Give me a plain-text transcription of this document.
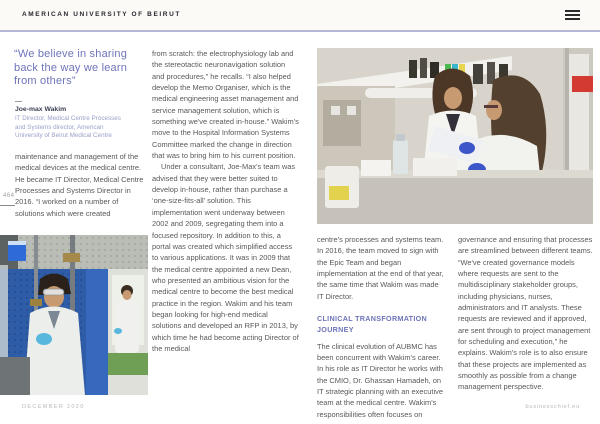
AMERICAN UNIVERSITY OF BEIRUT
464
“We believe in sharing back the way we learn from others”
Joe-max Wakim
IT Director, Medical Centre Processes
and Systems director, American
University of Beirut Medical Centre
maintenance and management of the medical devices at the medical centre. He became IT Director, Medical Centre Processes and Systems Director in 2016. “I worked on a number of solutions which were created
from scratch: the electrophysiology lab and the stereotactic neuronavigation solution and procedures,” he recalls. “I also helped develop the Memo Organiser, which is the medical engineering asset management and service management solution, which is something we've created in-house.” Wakim's move to the Hospital Information Systems Committee marked the change in direction that was to bring him to his current position.
Under a consultant, Joe-Max's team was advised that they were better suited to develop in-house, rather than purchase a ‘one-size-fits-all' solution. This implementation went underway between 2002 and 2009, segregating them into a focused repository. In addition to this, a portal was created which simplified access to various applications. It was in 2009 that the medical centre appointed a new Dean, who presented an ambitious vision for the medical centre to become the best medical practice in the region. Wakim and his team began looking for high-end medical solutions and developed an RFP in 2013, by which time he had become acting Director of the medical
centre's processes and systems team. In 2016, the team moved to sign with the Epic Team and began implementation at the end of that year, the same time that Wakim was made IT Director.
CLINICAL TRANSFORMATION JOURNEY
The clinical evolution of AUBMC has been concurrent with Wakim's career. In his role as IT Director he works with the CMIO, Dr. Ghassan Hamadeh, on IT strategic planning with an executive team at the medical centre. Wakim's responsibilities often focuses on
governance and ensuring that processes are streamlined between different teams. “We've created governance models where requests are sent to the multidisciplinary stakeholder groups, including physicians, nurses, administrators and IT analysts. These requests are reviewed and if approved, are sent through to project management for scheduling and execution,” he explains. Wakim's role is to also ensure that these projects are implemented as smoothly as possible from a change management perspective.
DECEMBER 2020	businesschief.eu
